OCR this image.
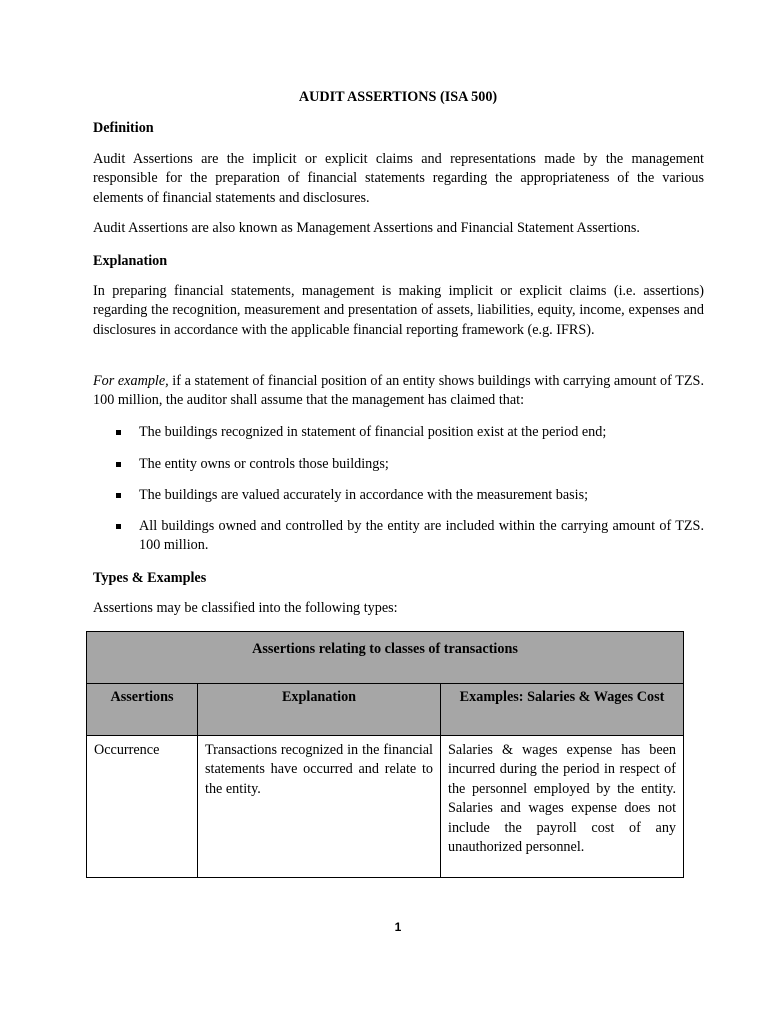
AUDIT ASSERTIONS (ISA 500)
Definition
Audit Assertions are the implicit or explicit claims and representations made by the management responsible for the preparation of financial statements regarding the appropriateness of the various elements of financial statements and disclosures.
Audit Assertions are also known as Management Assertions and Financial Statement Assertions.
Explanation
In preparing financial statements, management is making implicit or explicit claims (i.e. assertions) regarding the recognition, measurement and presentation of assets, liabilities, equity, income, expenses and disclosures in accordance with the applicable financial reporting framework (e.g. IFRS).
For example, if a statement of financial position of an entity shows buildings with carrying amount of TZS. 100 million, the auditor shall assume that the management has claimed that:
The buildings recognized in statement of financial position exist at the period end;
The entity owns or controls those buildings;
The buildings are valued accurately in accordance with the measurement basis;
All buildings owned and controlled by the entity are included within the carrying amount of TZS. 100 million.
Types & Examples
Assertions may be classified into the following types:
Assertions relating to classes of transactions		
Assertions	Explanation	Examples: Salaries & Wages Cost
Occurrence	Transactions recognized in the financial statements have occurred and relate to the entity.	Salaries & wages expense has been incurred during the period in respect of the personnel employed by the entity. Salaries and wages expense does not include the payroll cost of any unauthorized personnel.
1
